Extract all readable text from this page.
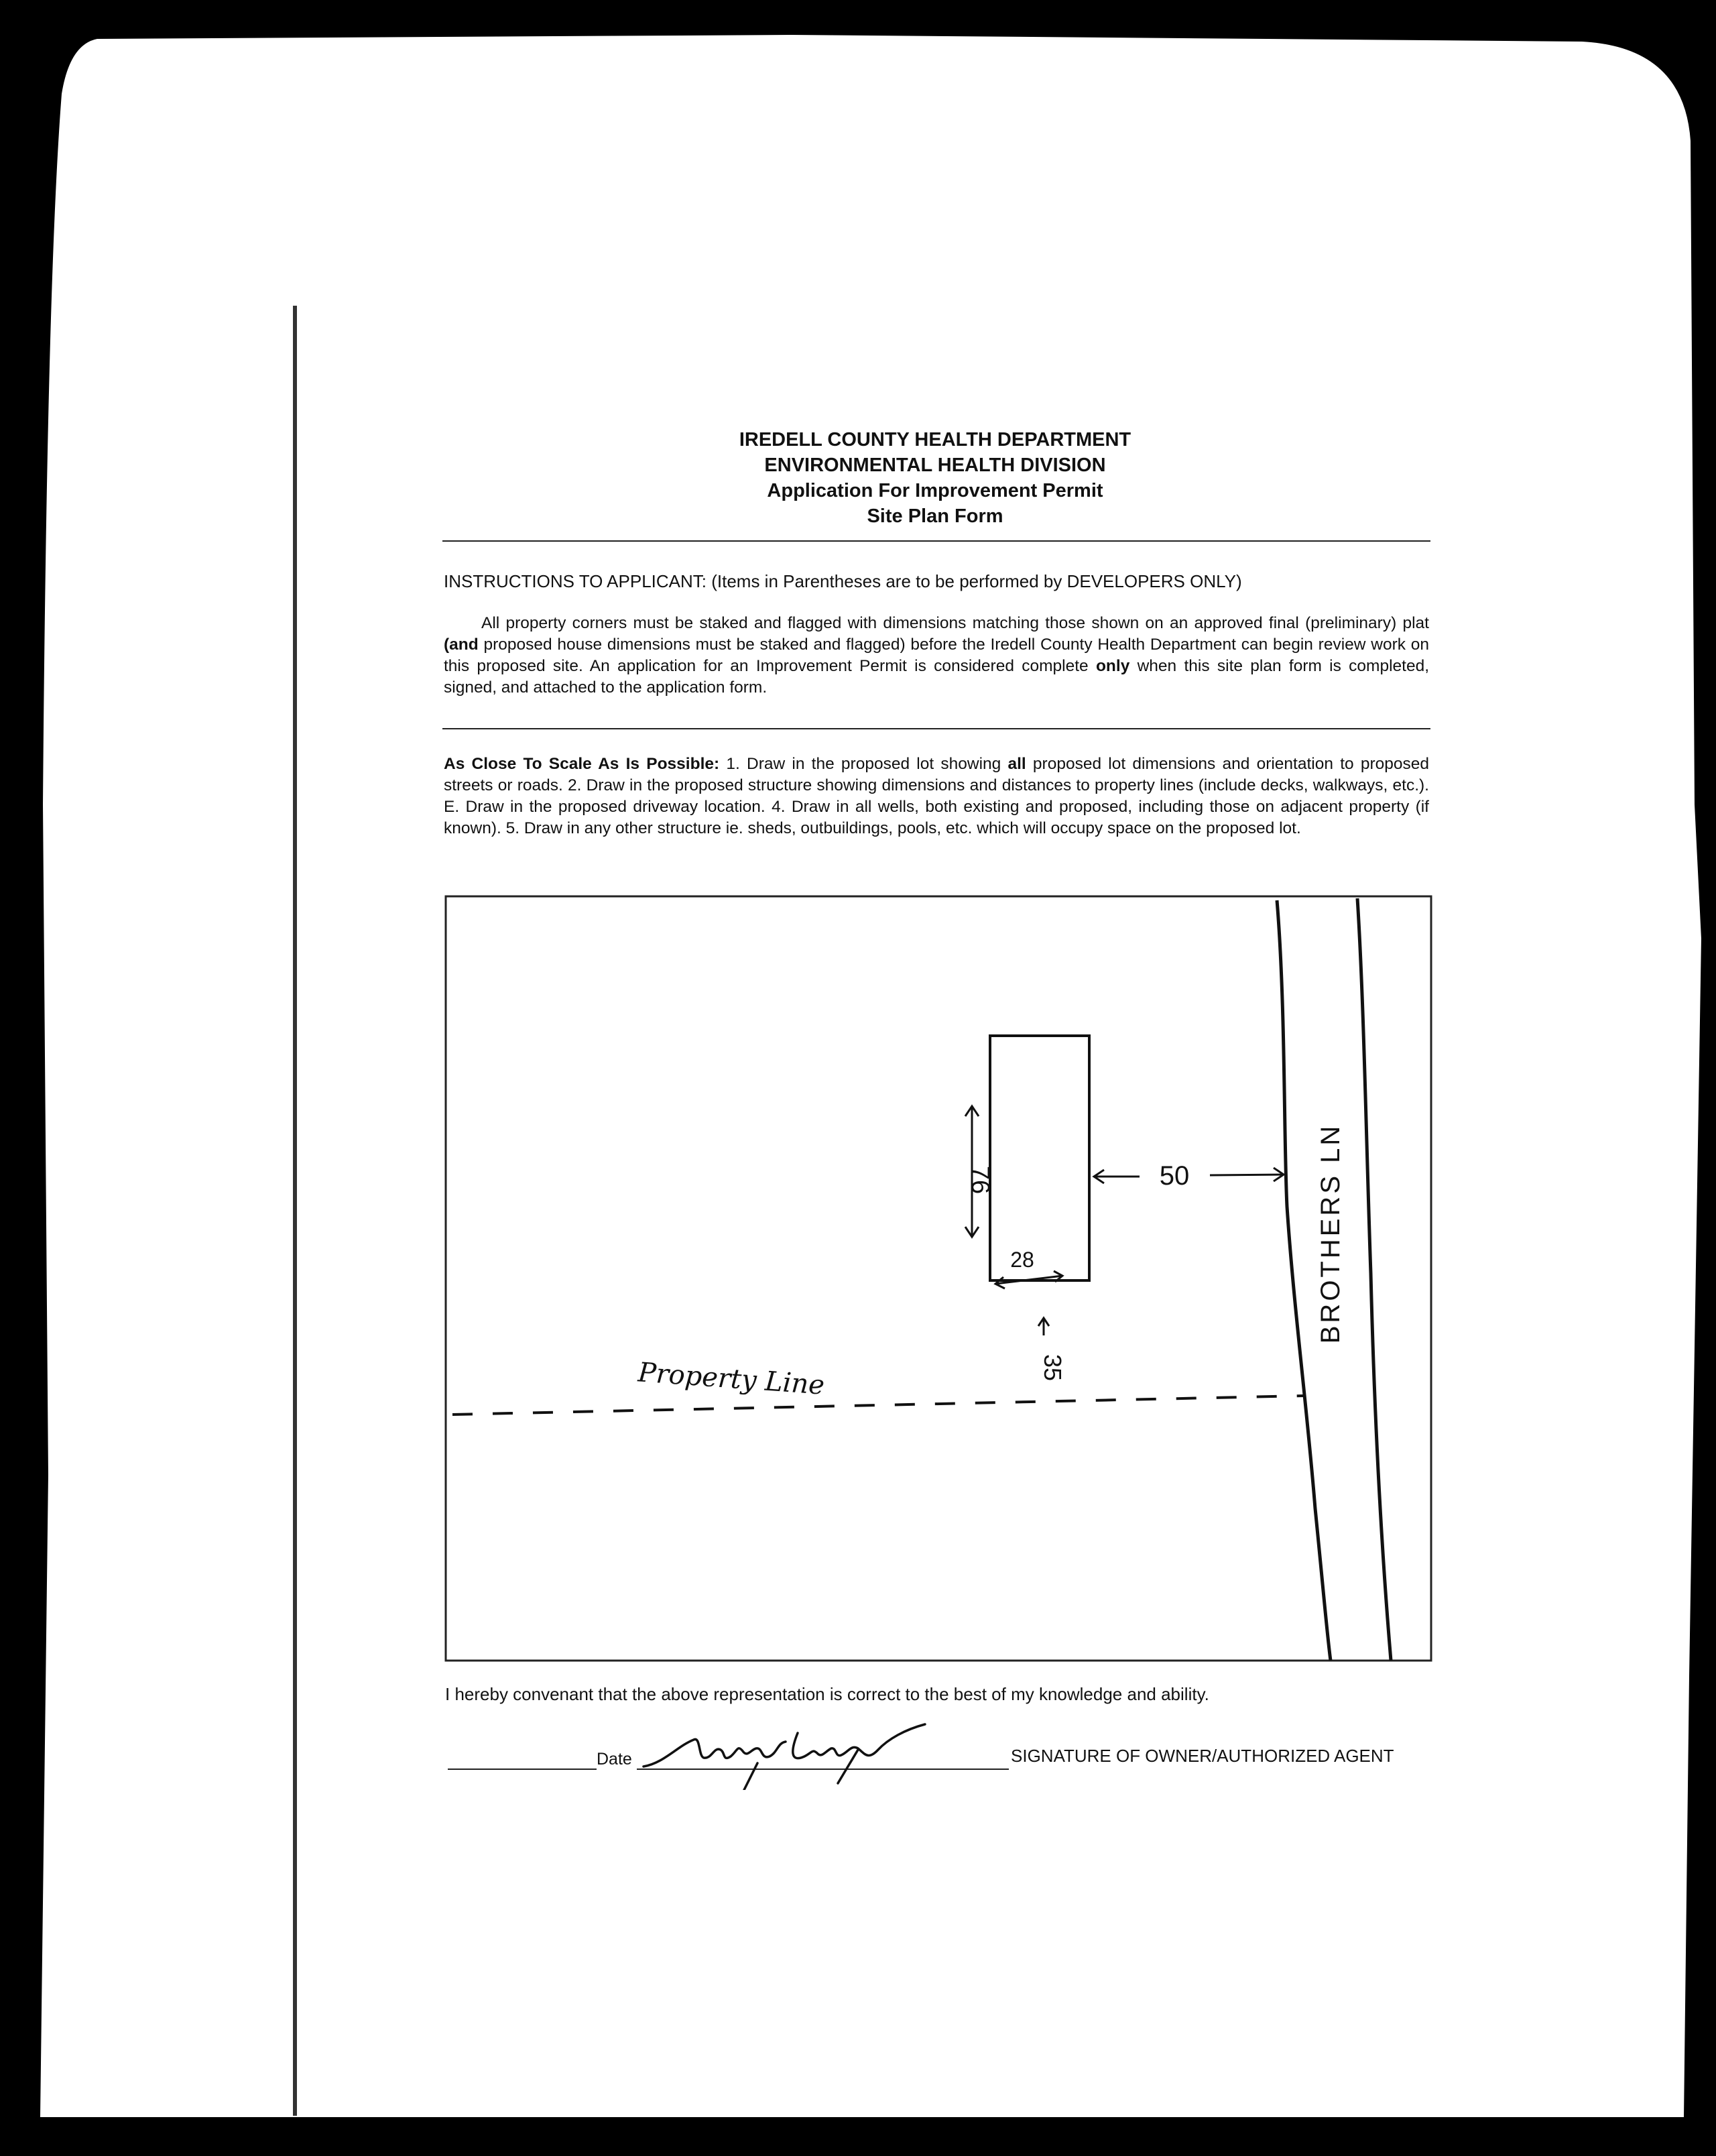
IREDELL COUNTY HEALTH DEPARTMENT
ENVIRONMENTAL HEALTH DIVISION
Application For Improvement Permit
Site Plan Form
INSTRUCTIONS TO APPLICANT: (Items in Parentheses are to be performed by DEVELOPERS ONLY)
All property corners must be staked and flagged with dimensions matching those shown on an approved final (preliminary) plat (and proposed house dimensions must be staked and flagged) before the Iredell County Health Department can begin review work on this proposed site. An application for an Improvement Permit is considered complete only when this site plan form is completed, signed, and attached to the application form.
As Close To Scale As Is Possible: 1. Draw in the proposed lot showing all proposed lot dimensions and orientation to proposed streets or roads. 2. Draw in the proposed structure showing dimensions and distances to property lines (include decks, walkways, etc.). E. Draw in the proposed driveway location. 4. Draw in all wells, both existing and proposed, including those on adjacent property (if known). 5. Draw in any other structure ie. sheds, outbuildings, pools, etc. which will occupy space on the proposed lot.
76
28
50
35
Property Line
BROTHERS LN
I hereby convenant that the above representation is correct to the best of my knowledge and ability.
Date	SIGNATURE OF OWNER/AUTHORIZED AGENT
